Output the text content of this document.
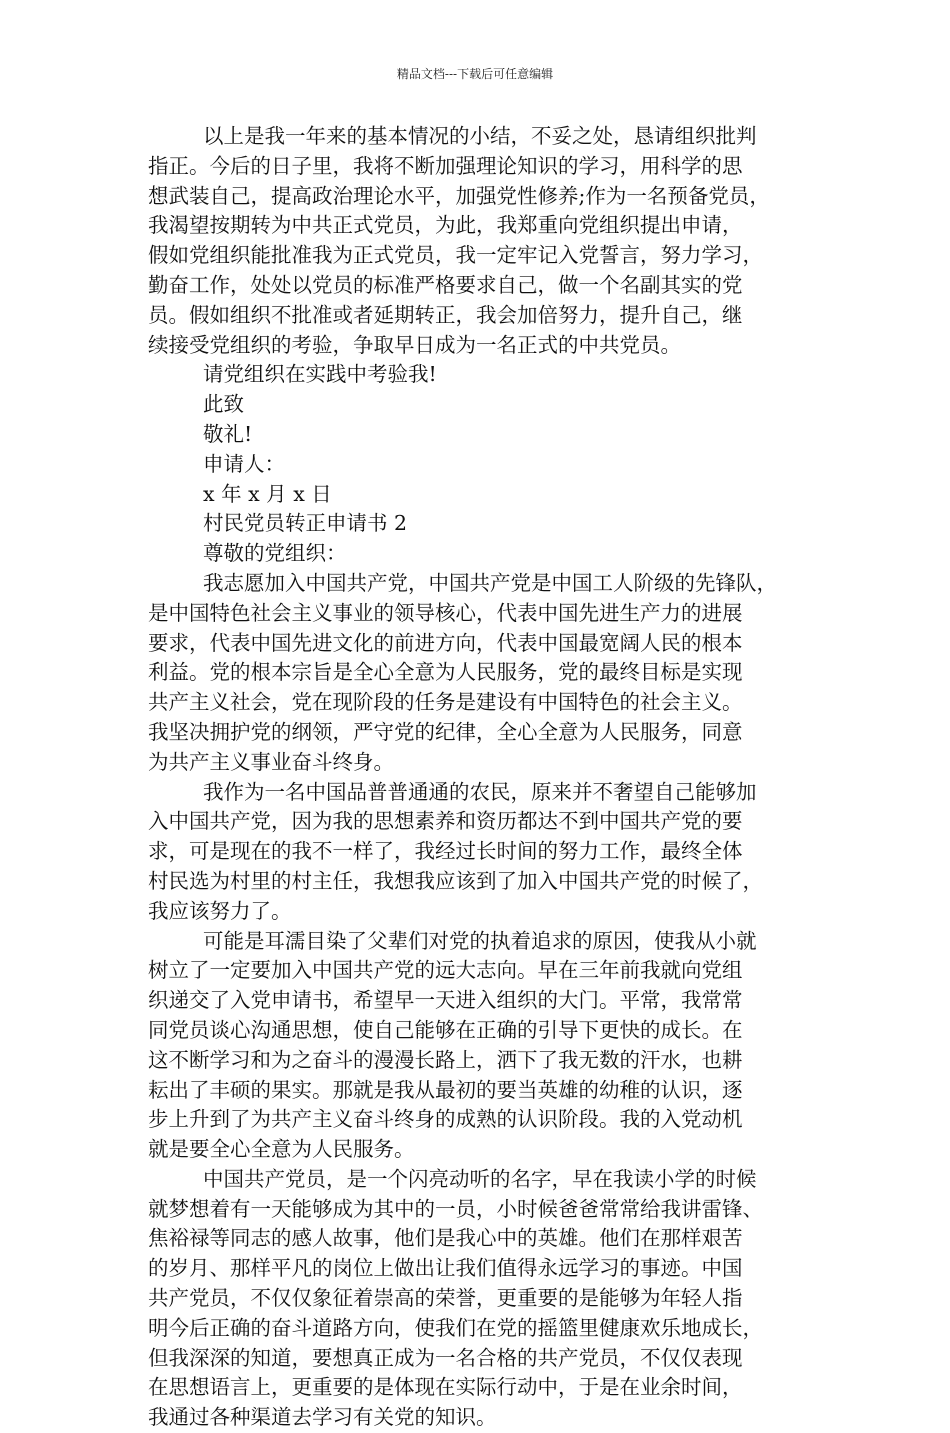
精品文档---下载后可任意编辑
以上是我一年来的基本情况的小结，不妥之处，恳请组织批判
指正。今后的日子里，我将不断加强理论知识的学习，用科学的思
想武装自己，提高政治理论水平，加强党性修养;作为一名预备党员，
我渴望按期转为中共正式党员，为此，我郑重向党组织提出申请，
假如党组织能批准我为正式党员，我一定牢记入党誓言，努力学习，
勤奋工作，处处以党员的标准严格要求自己，做一个名副其实的党
员。假如组织不批准或者延期转正，我会加倍努力，提升自己，继
续接受党组织的考验，争取早日成为一名正式的中共党员。
请党组织在实践中考验我!
此致
敬礼!
申请人：
x 年 x 月 x 日
村民党员转正申请书 2
尊敬的党组织：
我志愿加入中国共产党，中国共产党是中国工人阶级的先锋队，
是中国特色社会主义事业的领导核心，代表中国先进生产力的进展
要求，代表中国先进文化的前进方向，代表中国最宽阔人民的根本
利益。党的根本宗旨是全心全意为人民服务，党的最终目标是实现
共产主义社会，党在现阶段的任务是建设有中国特色的社会主义。
我坚决拥护党的纲领，严守党的纪律，全心全意为人民服务，同意
为共产主义事业奋斗终身。
我作为一名中国品普普通通的农民，原来并不奢望自己能够加
入中国共产党，因为我的思想素养和资历都达不到中国共产党的要
求，可是现在的我不一样了，我经过长时间的努力工作，最终全体
村民选为村里的村主任，我想我应该到了加入中国共产党的时候了，
我应该努力了。
可能是耳濡目染了父辈们对党的执着追求的原因，使我从小就
树立了一定要加入中国共产党的远大志向。早在三年前我就向党组
织递交了入党申请书，希望早一天进入组织的大门。平常，我常常
同党员谈心沟通思想，使自己能够在正确的引导下更快的成长。在
这不断学习和为之奋斗的漫漫长路上，洒下了我无数的汗水，也耕
耘出了丰硕的果实。那就是我从最初的要当英雄的幼稚的认识，逐
步上升到了为共产主义奋斗终身的成熟的认识阶段。我的入党动机
就是要全心全意为人民服务。
中国共产党员，是一个闪亮动听的名字，早在我读小学的时候
就梦想着有一天能够成为其中的一员，小时候爸爸常常给我讲雷锋、
焦裕禄等同志的感人故事，他们是我心中的英雄。他们在那样艰苦
的岁月、那样平凡的岗位上做出让我们值得永远学习的事迹。中国
共产党员，不仅仅象征着崇高的荣誉，更重要的是能够为年轻人指
明今后正确的奋斗道路方向，使我们在党的摇篮里健康欢乐地成长，
但我深深的知道，要想真正成为一名合格的共产党员，不仅仅表现
在思想语言上，更重要的是体现在实际行动中，于是在业余时间，
我通过各种渠道去学习有关党的知识。
